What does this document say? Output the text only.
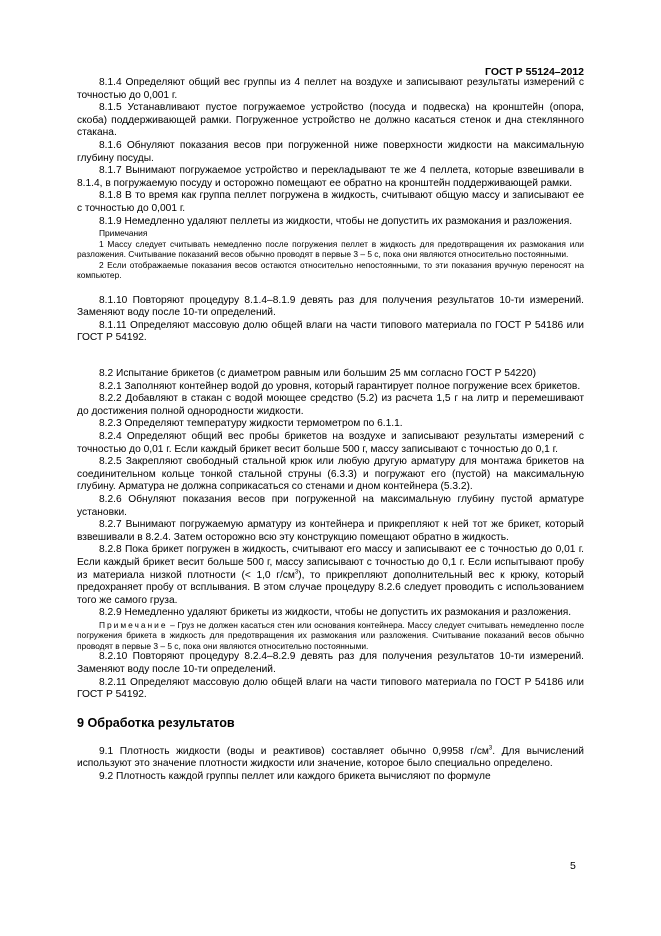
ГОСТ Р 55124–2012

8.1.4 Определяют общий вес группы из 4 пеллет на воздухе и записывают результаты измерений с точностью до 0,001 г.

8.1.5 Устанавливают пустое погружаемое устройство (посуда и подвеска) на кронштейн (опора, скоба) поддерживающей рамки. Погруженное устройство не должно касаться стенок и дна стеклянного стакана.

8.1.6 Обнуляют показания весов при погруженной ниже поверхности жидкости на максимальную глубину посуды.

8.1.7 Вынимают погружаемое устройство и перекладывают те же 4 пеллета, которые взвешивали в 8.1.4, в погружаемую посуду и осторожно помещают ее обратно на кронштейн поддерживающей рамки.

8.1.8 В то время как группа пеллет погружена в жидкость, считывают общую массу и записывают ее с точностью до 0,001 г.

8.1.9 Немедленно удаляют пеллеты из жидкости, чтобы не допустить их размокания и разложения.

Примечания

1 Массу следует считывать немедленно после погружения пеллет в жидкость для предотвращения их размокания или разложения. Считывание показаний весов обычно проводят в первые 3 – 5 с, пока они являются относительно постоянными.

2 Если отображаемые показания весов остаются относительно непостоянными, то эти показания вручную переносят на компьютер.

8.1.10 Повторяют процедуру 8.1.4–8.1.9 девять раз для получения результатов 10-ти измерений. Заменяют воду после 10-ти определений.

8.1.11 Определяют массовую долю общей влаги на части типового материала по ГОСТ Р 54186 или ГОСТ Р 54192.

8.2 Испытание брикетов (с диаметром равным или большим 25 мм согласно ГОСТ Р 54220)

8.2.1 Заполняют контейнер водой до уровня, который гарантирует полное погружение всех брикетов.

8.2.2 Добавляют в стакан с водой моющее средство (5.2) из расчета 1,5 г на литр и перемешивают до достижения полной однородности жидкости.

8.2.3 Определяют температуру жидкости термометром по 6.1.1.

8.2.4 Определяют общий вес пробы брикетов на воздухе и записывают результаты измерений с точностью до 0,01 г. Если каждый брикет весит больше 500 г, массу записывают с точностью до 0,1 г.

8.2.5 Закрепляют свободный стальной крюк или любую другую арматуру для монтажа брикетов на соединительном кольце тонкой стальной струны (6.3.3) и погружают его (пустой) на максимальную глубину. Арматура не должна соприкасаться со стенами и дном контейнера (5.3.2).

8.2.6 Обнуляют показания весов при погруженной на максимальную глубину пустой арматуре установки.

8.2.7 Вынимают погружаемую арматуру из контейнера и прикрепляют к ней тот же брикет, который взвешивали в 8.2.4. Затем осторожно всю эту конструкцию помещают обратно в жидкость.

8.2.8 Пока брикет погружен в жидкость, считывают его массу и записывают ее с точностью до 0,01 г. Если каждый брикет весит больше 500 г, массу записывают с точностью до 0,1 г. Если испытывают пробу из материала низкой плотности (< 1,0 $г/см^3$), то прикрепляют дополнительный вес к крюку, который предохраняет пробу от всплывания. В этом случае процедуру 8.2.6 следует проводить с использованием того же самого груза.

8.2.9 Немедленно удаляют брикеты из жидкости, чтобы не допустить их размокания и разложения.

Примечание – Груз не должен касаться стен или основания контейнера. Массу следует считывать немедленно после погружения брикета в жидкость для предотвращения их размокания или разложения. Считывание показаний весов обычно проводят в первые 3 – 5 с, пока они являются относительно постоянными.

8.2.10 Повторяют процедуру 8.2.4–8.2.9 девять раз для получения результатов 10-ти измерений. Заменяют воду после 10-ти определений.

8.2.11 Определяют массовую долю общей влаги на части типового материала по ГОСТ Р 54186 или ГОСТ Р 54192.

9 Обработка результатов

9.1 Плотность жидкости (воды и реактивов) составляет обычно 0,9958 $г/см^3$. Для вычислений используют это значение плотности жидкости или значение, которое было специально определено.

9.2 Плотность каждой группы пеллет или каждого брикета вычисляют по формуле

5
